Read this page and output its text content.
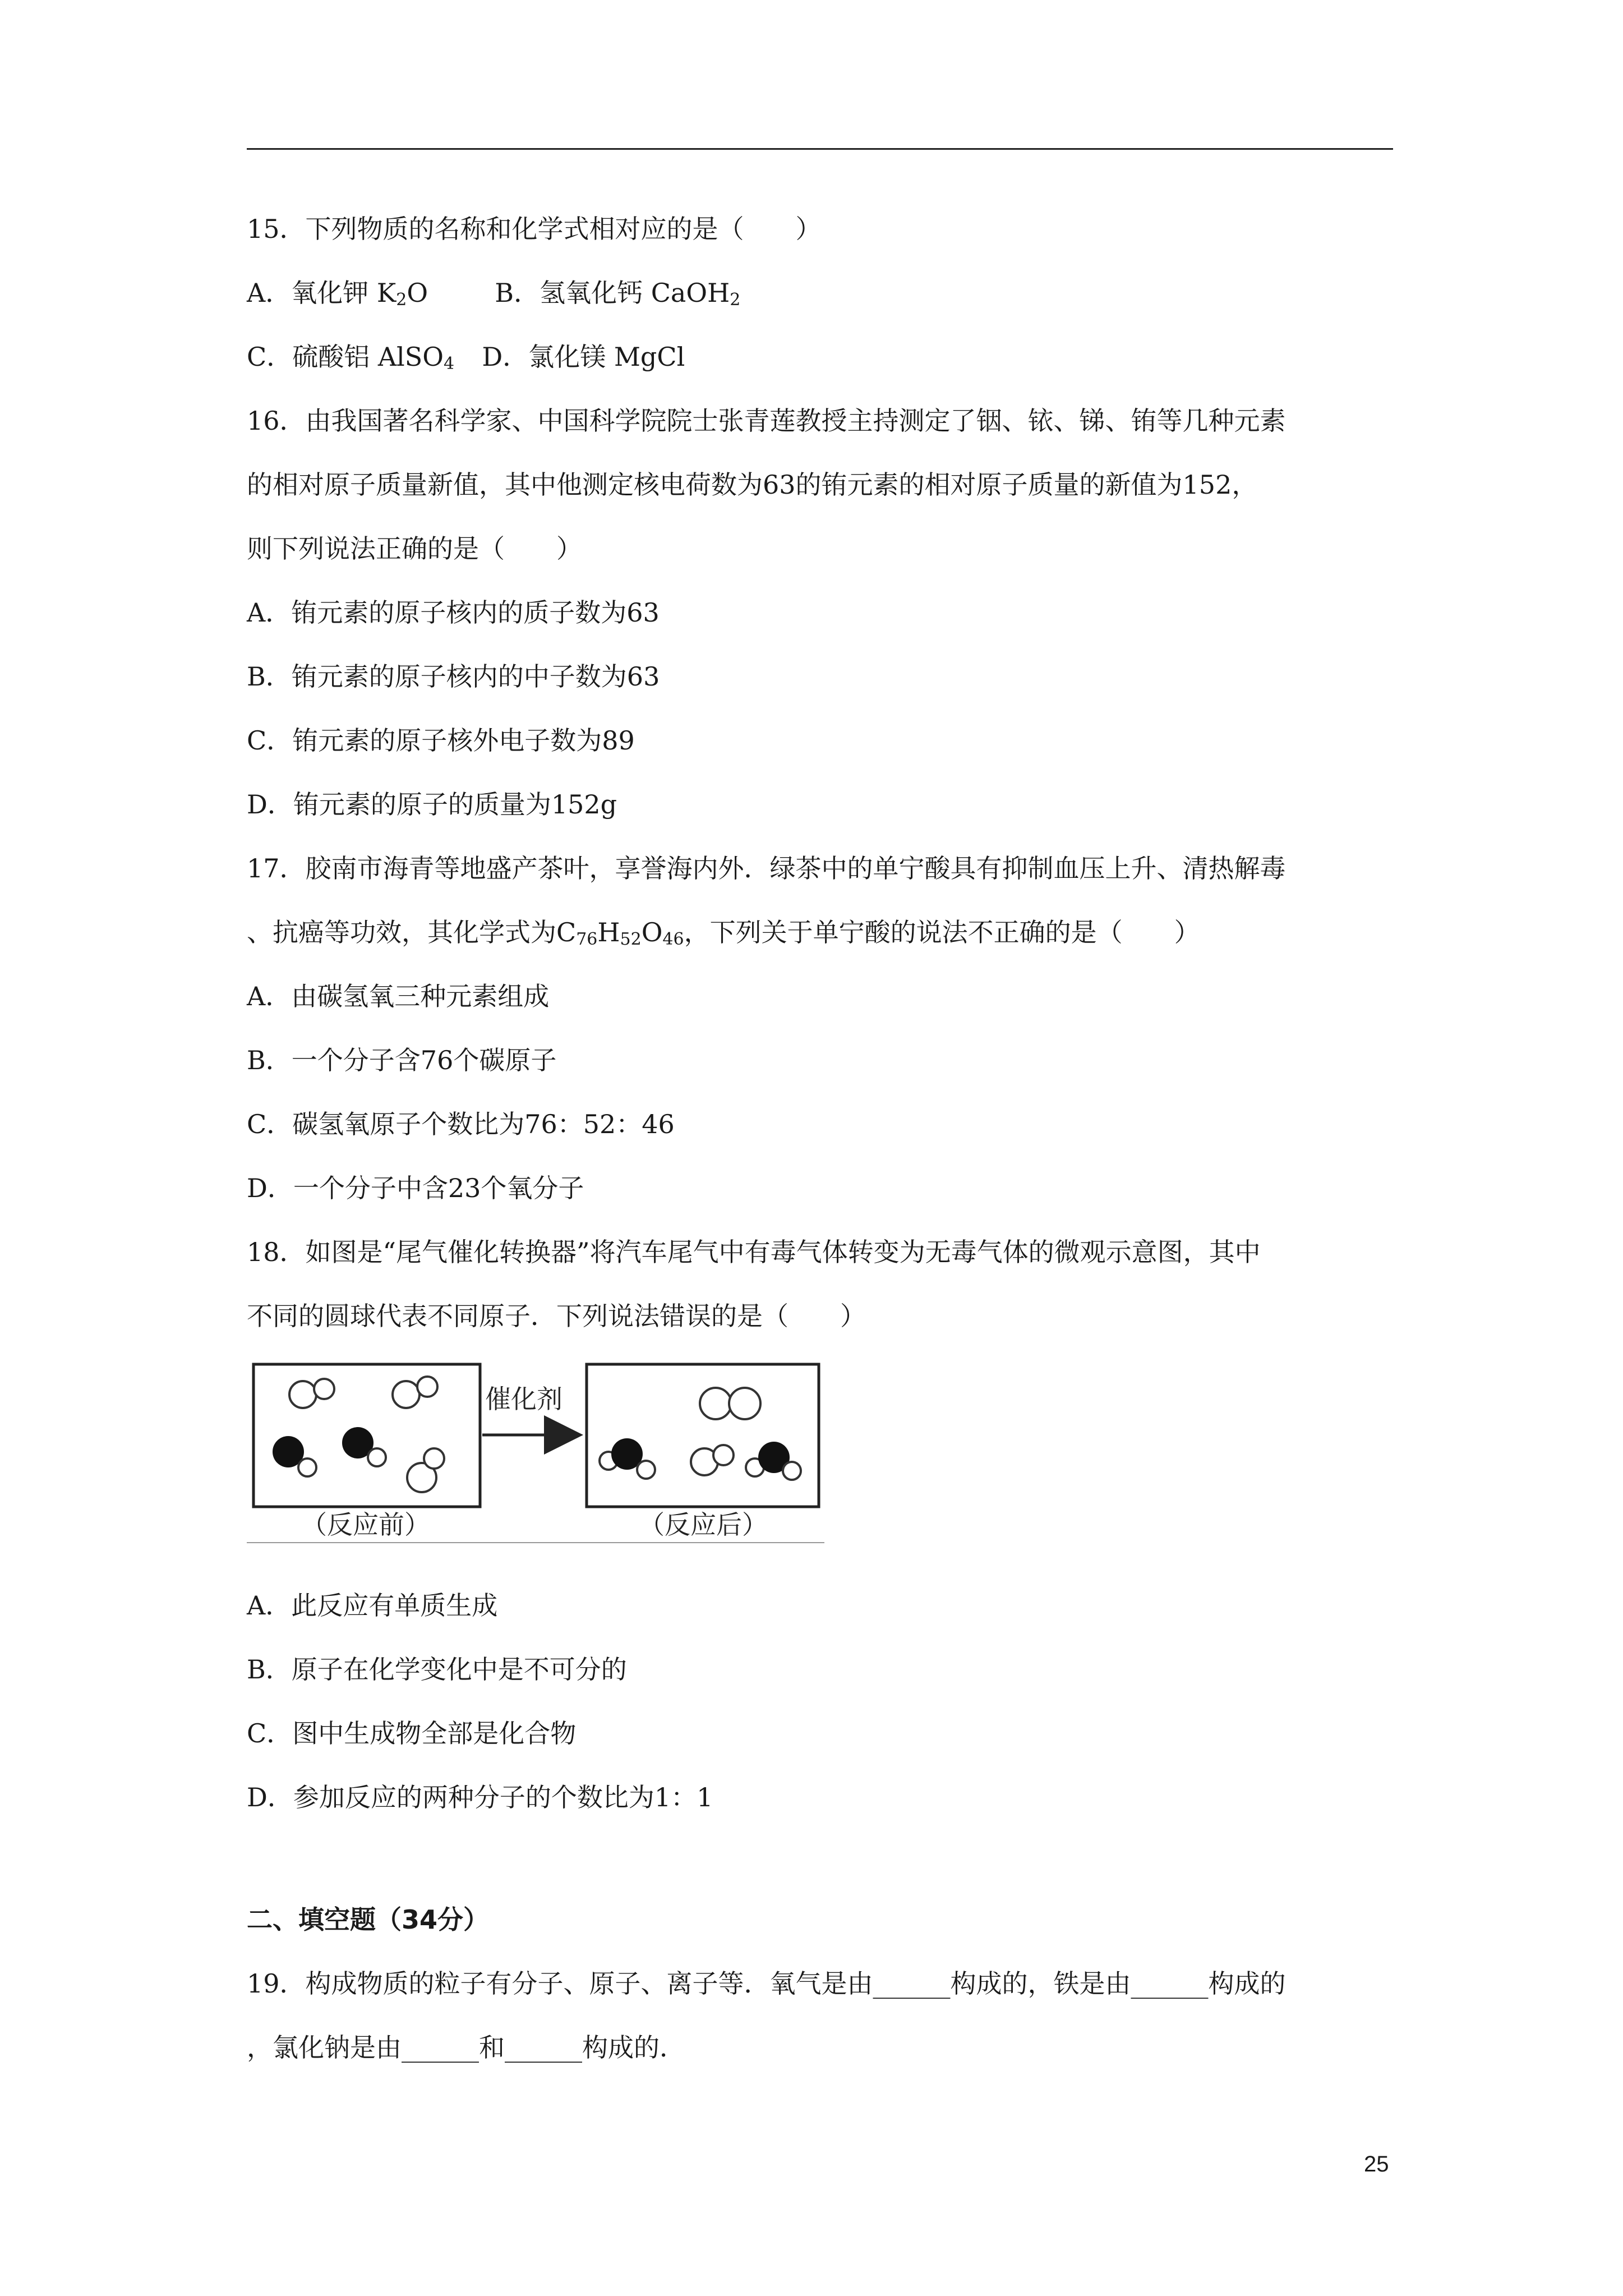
15．下列物质的名称和化学式相对应的是（　　）
A．氧化钾 $K_2O$	B．氢氧化钙 CaOH$_2$
C．硫酸铝 AlSO$_4$ D．氯化镁 MgCl
16．由我国著名科学家、中国科学院院士张青莲教授主持测定了铟、铱、锑、铕等几种元素
的相对原子质量新值，其中他测定核电荷数为63的铕元素的相对原子质量的新值为152，
则下列说法正确的是（　　）
A．铕元素的原子核内的质子数为63
B．铕元素的原子核内的中子数为63
C．铕元素的原子核外电子数为89
D．铕元素的原子的质量为152g
17．胶南市海青等地盛产茶叶，享誉海内外．绿茶中的单宁酸具有抑制血压上升、清热解毒
、抗癌等功效，其化学式为$C_{76}H_{52}O_{46}$，下列关于单宁酸的说法不正确的是（　　）
A．由碳氢氧三种元素组成
B．一个分子含76个碳原子
C．碳氢氧原子个数比为76：52：46
D．一个分子中含23个氧分子
18．如图是“尾气催化转换器”将汽车尾气中有毒气体转变为无毒气体的微观示意图，其中
不同的圆球代表不同原子．下列说法错误的是（　　）
催化剂
（反应前）	（反应后）
A．此反应有单质生成
B．原子在化学变化中是不可分的
C．图中生成物全部是化合物
D．参加反应的两种分子的个数比为1：1
二、填空题（34分）
19．构成物质的粒子有分子、原子、离子等．氧气是由______构成的，铁是由______构成的
，氯化钠是由______和______构成的．
25
